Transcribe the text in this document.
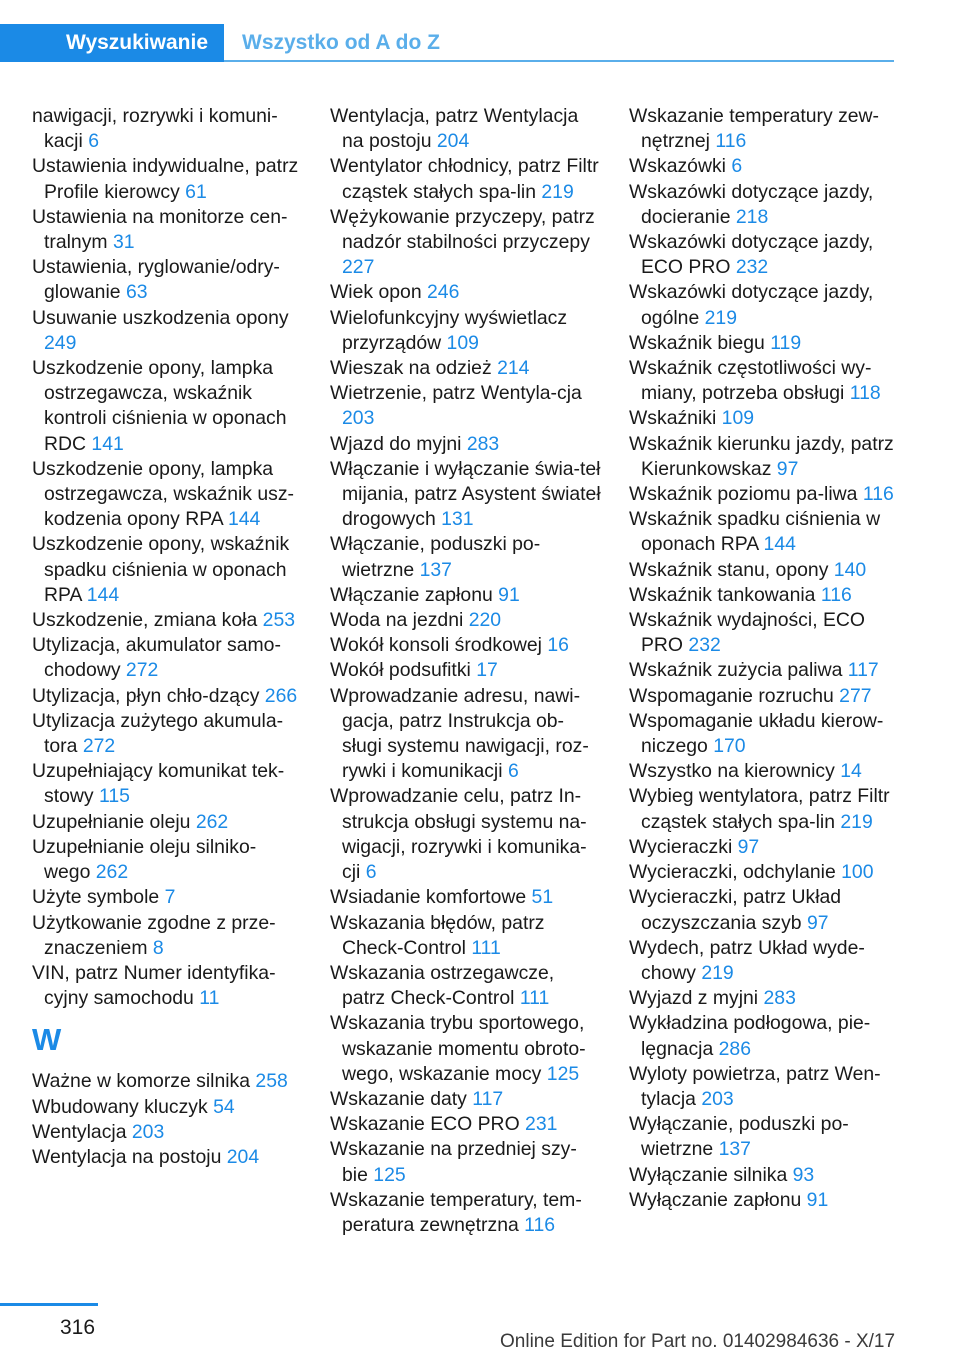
Wyszukiwanie	Wszystko od A do Z
nawigacji, rozrywki i komuni-kacji 6
Ustawienia indywidualne, patrz Profile kierowcy 61
Ustawienia na monitorze cen-tralnym 31
Ustawienia, ryglowanie/odry-glowanie 63
Usuwanie uszkodzenia opony 249
Uszkodzenie opony, lampka ostrzegawcza, wskaźnik kontroli ciśnienia w oponach RDC 141
Uszkodzenie opony, lampka ostrzegawcza, wskaźnik usz-kodzenia opony RPA 144
Uszkodzenie opony, wskaźnik spadku ciśnienia w oponach RPA 144
Uszkodzenie, zmiana koła 253
Utylizacja, akumulator samo-chodowy 272
Utylizacja, płyn chło-dzący 266
Utylizacja zużytego akumula-tora 272
Uzupełniający komunikat tek-stowy 115
Uzupełnianie oleju 262
Uzupełnianie oleju silniko-wego 262
Użyte symbole 7
Użytkowanie zgodne z prze-znaczeniem 8
VIN, patrz Numer identyfika-cyjny samochodu 11
W
Ważne w komorze silnika 258
Wbudowany kluczyk 54
Wentylacja 203
Wentylacja na postoju 204
Wentylacja, patrz Wentylacja na postoju 204
Wentylator chłodnicy, patrz Filtr cząstek stałych spa-lin 219
Wężykowanie przyczepy, patrz nadzór stabilności przyczepy 227
Wiek opon 246
Wielofunkcyjny wyświetlacz przyrządów 109
Wieszak na odzież 214
Wietrzenie, patrz Wentyla-cja 203
Wjazd do myjni 283
Włączanie i wyłączanie świa-teł mijania, patrz Asystent świateł drogowych 131
Włączanie, poduszki po-wietrzne 137
Włączanie zapłonu 91
Woda na jezdni 220
Wokół konsoli środkowej 16
Wokół podsufitki 17
Wprowadzanie adresu, nawi-gacja, patrz Instrukcja ob-sługi systemu nawigacji, roz-rywki i komunikacji 6
Wprowadzanie celu, patrz In-strukcja obsługi systemu na-wigacji, rozrywki i komunika-cji 6
Wsiadanie komfortowe 51
Wskazania błędów, patrz Check-Control 111
Wskazania ostrzegawcze, patrz Check-Control 111
Wskazania trybu sportowego, wskazanie momentu obroto-wego, wskazanie mocy 125
Wskazanie daty 117
Wskazanie ECO PRO 231
Wskazanie na przedniej szy-bie 125
Wskazanie temperatury, tem-peratura zewnętrzna 116
Wskazanie temperatury zew-nętrznej 116
Wskazówki 6
Wskazówki dotyczące jazdy, docieranie 218
Wskazówki dotyczące jazdy, ECO PRO 232
Wskazówki dotyczące jazdy, ogólne 219
Wskaźnik biegu 119
Wskaźnik częstotliwości wy-miany, potrzeba obsługi 118
Wskaźniki 109
Wskaźnik kierunku jazdy, patrz Kierunkowskaz 97
Wskaźnik poziomu pa-liwa 116
Wskaźnik spadku ciśnienia w oponach RPA 144
Wskaźnik stanu, opony 140
Wskaźnik tankowania 116
Wskaźnik wydajności, ECO PRO 232
Wskaźnik zużycia paliwa 117
Wspomaganie rozruchu 277
Wspomaganie układu kierow-niczego 170
Wszystko na kierownicy 14
Wybieg wentylatora, patrz Filtr cząstek stałych spa-lin 219
Wycieraczki 97
Wycieraczki, odchylanie 100
Wycieraczki, patrz Układ oczyszczania szyb 97
Wydech, patrz Układ wyde-chowy 219
Wyjazd z myjni 283
Wykładzina podłogowa, pie-lęgnacja 286
Wyloty powietrza, patrz Wen-tylacja 203
Wyłączanie, poduszki po-wietrzne 137
Wyłączanie silnika 93
Wyłączanie zapłonu 91
316
Online Edition for Part no. 01402984636 - X/17
